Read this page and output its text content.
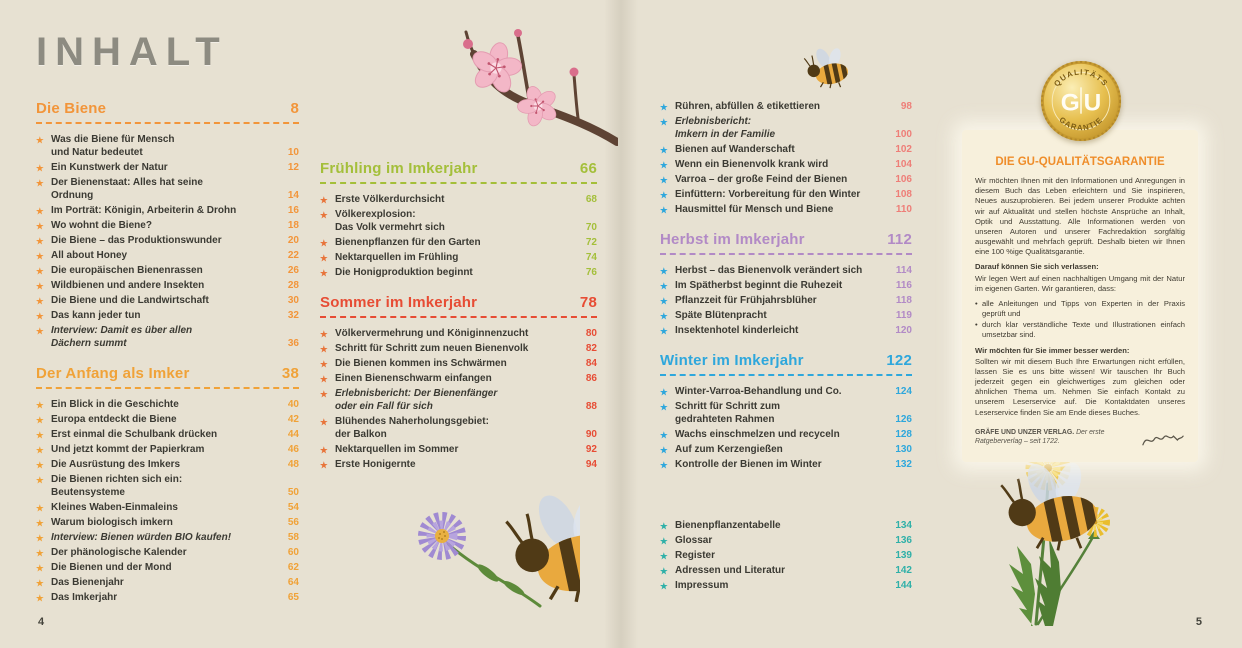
INHALT
Die Biene	8
★ Was die Biene für Mensch
und Natur bedeutet	10
★ Ein Kunstwerk der Natur	12
★ Der Bienenstaat: Alles hat seine
Ordnung	14
★ Im Porträt: Königin, Arbeiterin & Drohn	16
★ Wo wohnt die Biene?	18
★ Die Biene – das Produktionswunder	20
★ All about Honey	22
★ Die europäischen Bienenrassen	26
★ Wildbienen und andere Insekten	28
★ Die Biene und die Landwirtschaft	30
★ Das kann jeder tun	32
★ Interview: Damit es über allen
Dächern summt	36
Der Anfang als Imker	38
★ Ein Blick in die Geschichte	40
★ Europa entdeckt die Biene	42
★ Erst einmal die Schulbank drücken	44
★ Und jetzt kommt der Papierkram	46
★ Die Ausrüstung des Imkers	48
★ Die Bienen richten sich ein:
Beutensysteme	50
★ Kleines Waben-Einmaleins	54
★ Warum biologisch imkern	56
★ Interview: Bienen würden BIO kaufen!	58
★ Der phänologische Kalender	60
★ Die Bienen und der Mond	62
★ Das Bienenjahr	64
★ Das Imkerjahr	65
Frühling im Imkerjahr	66
★ Erste Völkerdurchsicht	68
★ Völkerexplosion:
Das Volk vermehrt sich	70
★ Bienenpflanzen für den Garten	72
★ Nektarquellen im Frühling	74
★ Die Honigproduktion beginnt	76
Sommer im Imkerjahr	78
★ Völkervermehrung und Königinnenzucht	80
★ Schritt für Schritt zum neuen Bienenvolk	82
★ Die Bienen kommen ins Schwärmen	84
★ Einen Bienenschwarm einfangen	86
★ Erlebnisbericht: Der Bienenfänger
oder ein Fall für sich	88
★ Blühendes Naherholungsgebiet:
der Balkon	90
★ Nektarquellen im Sommer	92
★ Erste Honigernte	94
★ Rühren, abfüllen & etikettieren	98
★ Erlebnisbericht:
Imkern in der Familie	100
★ Bienen auf Wanderschaft	102
★ Wenn ein Bienenvolk krank wird	104
★ Varroa – der große Feind der Bienen	106
★ Einfüttern: Vorbereitung für den Winter	108
★ Hausmittel für Mensch und Biene	110
Herbst im Imkerjahr	112
★ Herbst – das Bienenvolk verändert sich	114
★ Im Spätherbst beginnt die Ruhezeit	116
★ Pflanzzeit für Frühjahrsblüher	118
★ Späte Blütenpracht	119
★ Insektenhotel kinderleicht	120
Winter im Imkerjahr	122
★ Winter-Varroa-Behandlung und Co.	124
★ Schritt für Schritt zum
gedrahteten Rahmen	126
★ Wachs einschmelzen und recyceln	128
★ Auf zum Kerzengießen	130
★ Kontrolle der Bienen im Winter	132
★ Bienenpflanzentabelle	134
★ Glossar	136
★ Register	139
★ Adressen und Literatur	142
★ Impressum	144
QUALITÄTS
GARANTIE
GU
DIE GU-QUALITÄTSGARANTIE

Wir möchten Ihnen mit den Informationen und Anregungen in diesem Buch das Leben erleichtern und Sie inspirieren, Neues auszuprobieren. Bei jedem unserer Produkte achten wir auf Aktualität und stellen höchste Ansprüche an Inhalt, Optik und Ausstattung. Alle Informationen werden von unseren Autoren und unserer Fachredaktion sorgfältig ausgewählt und mehrfach geprüft. Deshalb bieten wir Ihnen eine 100 %ige Qualitätsgarantie.

Darauf können Sie sich verlassen:

Wir legen Wert auf einen nachhaltigen Umgang mit der Natur im eigenen Garten. Wir garantieren, dass:

• alle Anleitungen und Tipps von Experten in der Praxis geprüft und
• durch klar verständliche Texte und Illustrationen einfach umsetzbar sind.

Wir möchten für Sie immer besser werden:

Sollten wir mit diesem Buch Ihre Erwartungen nicht erfüllen, lassen Sie es uns bitte wissen! Wir tauschen Ihr Buch jederzeit gegen ein gleichwertiges zum gleichen oder ähnlichen Thema um. Nehmen Sie einfach Kontakt zu unserem Leserservice auf. Die Kontaktdaten unseres Leserservice finden Sie am Ende dieses Buches.

GRÄFE UND UNZER VERLAG. Der erste Ratgeberverlag – seit 1722.
4	5
